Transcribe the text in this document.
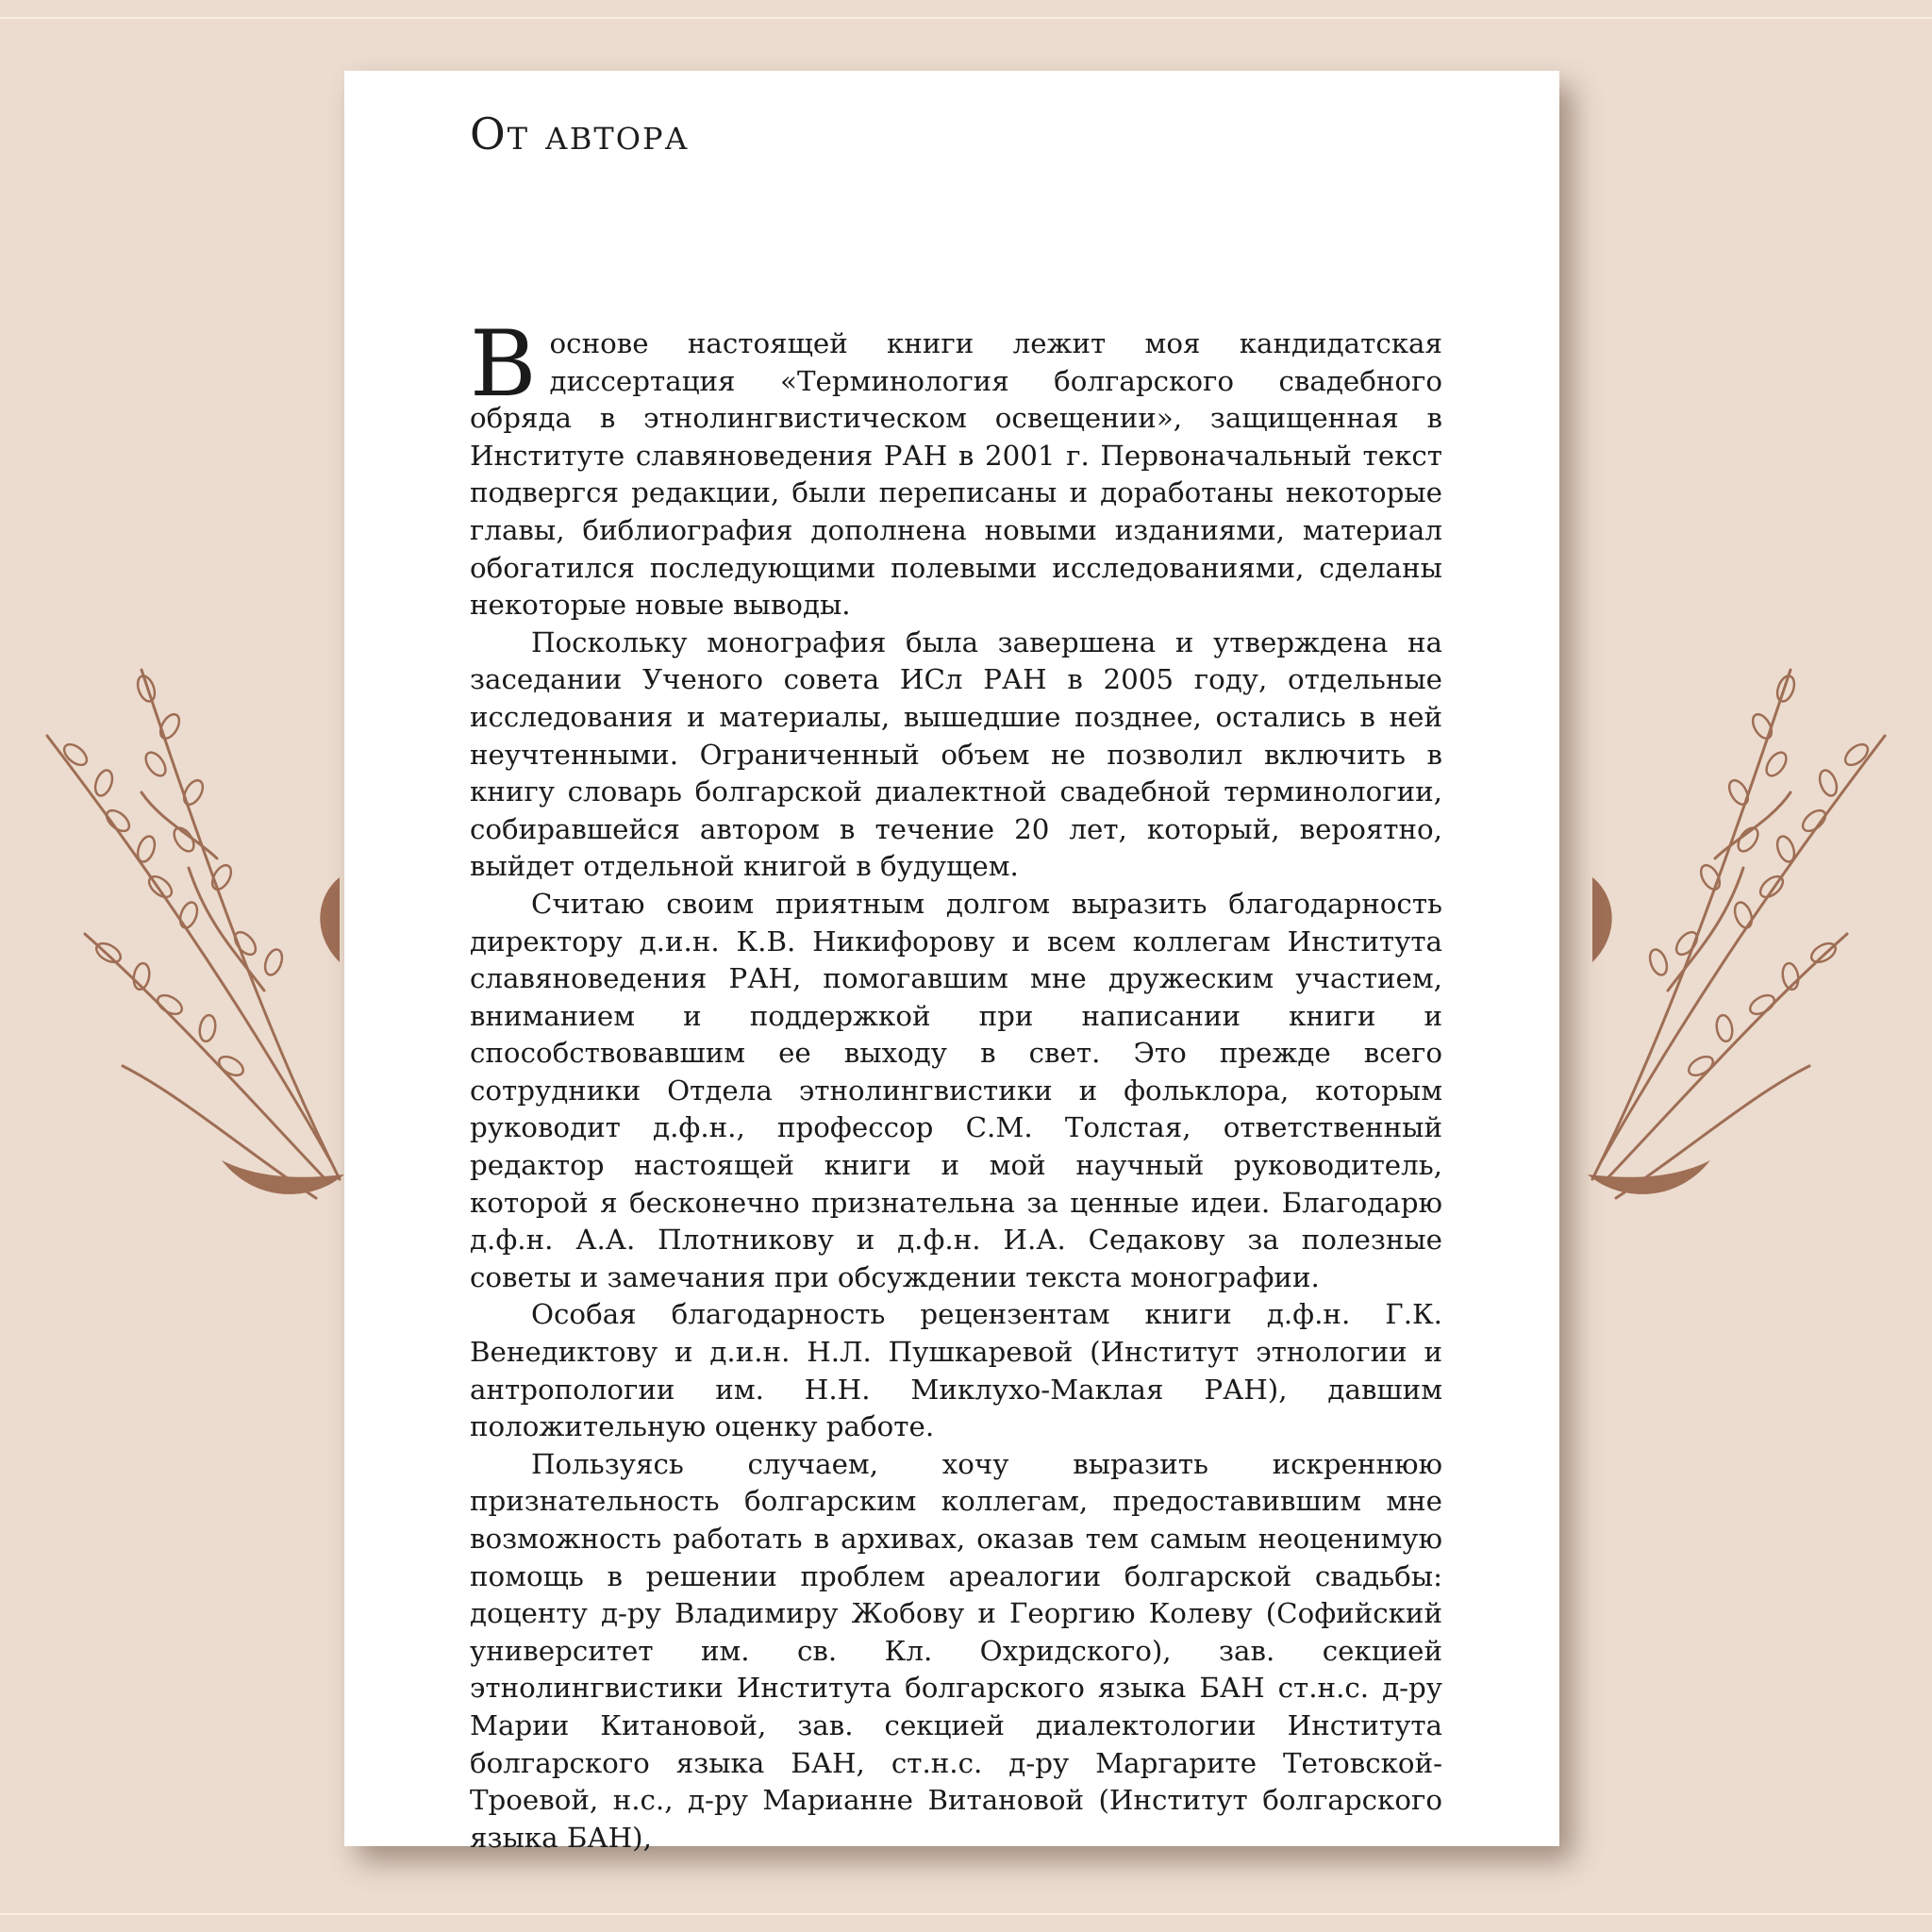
От автора

В основе настоящей книги лежит моя кандидатская диссертация «Терминология болгарского свадебного обряда в этнолингвистическом освещении», защищенная в Институте славяноведения РАН в 2001 г. Первоначальный текст подвергся редакции, были переписаны и доработаны некоторые главы, библиография дополнена новыми изданиями, материал обогатился последующими полевыми исследованиями, сделаны некоторые новые выводы.

Поскольку монография была завершена и утверждена на заседании Ученого совета ИСл РАН в 2005 году, отдельные исследования и материалы, вышедшие позднее, остались в ней неучтенными. Ограниченный объем не позволил включить в книгу словарь болгарской диалектной свадебной терминологии, собиравшейся автором в течение 20 лет, который, вероятно, выйдет отдельной книгой в будущем.

Считаю своим приятным долгом выразить благодарность директору д.и.н. К.В. Никифорову и всем коллегам Института славяноведения РАН, помогавшим мне дружеским участием, вниманием и поддержкой при написании книги и способствовавшим ее выходу в свет. Это прежде всего сотрудники Отдела этнолингвистики и фольклора, которым руководит д.ф.н., профессор С.М. Толстая, ответственный редактор настоящей книги и мой научный руководитель, которой я бесконечно признательна за ценные идеи. Благодарю д.ф.н. А.А. Плотникову и д.ф.н. И.А. Седакову за полезные советы и замечания при обсуждении текста монографии.

Особая благодарность рецензентам книги д.ф.н. Г.К. Венедиктову и д.и.н. Н.Л. Пушкаревой (Институт этнологии и антропологии им. Н.Н. Миклухо-Маклая РАН), давшим положительную оценку работе.

Пользуясь случаем, хочу выразить искреннюю признательность болгарским коллегам, предоставившим мне возможность работать в архивах, оказав тем самым неоценимую помощь в решении проблем ареалогии болгарской свадьбы: доценту д-ру Владимиру Жобову и Георгию Колеву (Софийский университет им. св. Кл. Охридского), зав. секцией этнолингвистики Института болгарского языка БАН ст.н.с. д-ру Марии Китановой, зав. секцией диалектологии Института болгарского языка БАН, ст.н.с. д-ру Маргарите Тетовской-Троевой, н.с., д-ру Марианне Витановой (Институт болгарского языка БАН),
